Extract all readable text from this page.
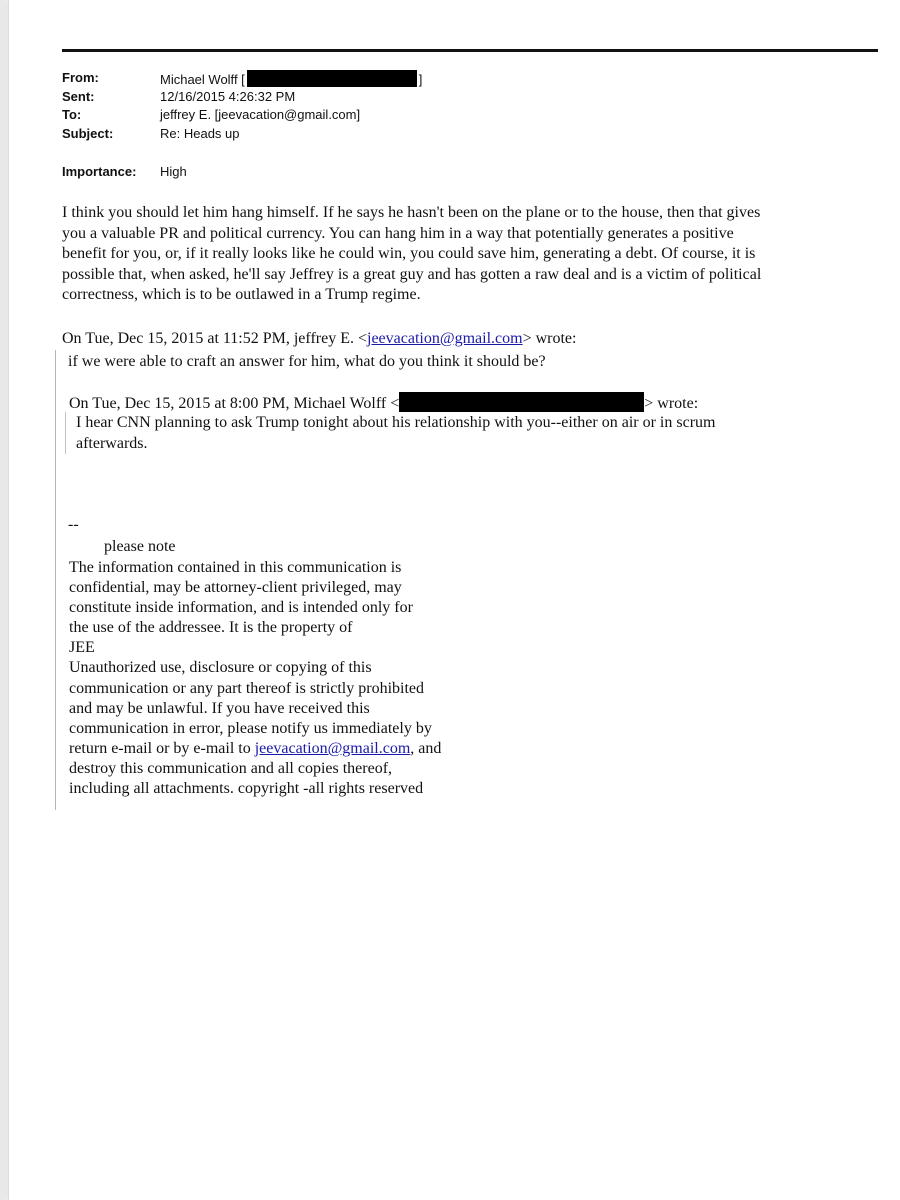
From:	Michael Wolff [	]
Sent:	12/16/2015 4:26:32 PM
To:	jeffrey E. [jeevacation@gmail.com]
Subject:	Re: Heads up
Importance: High
I think you should let him hang himself. If he says he hasn't been on the plane or to the house, then that gives
you a valuable PR and political currency. You can hang him in a way that potentially generates a positive
benefit for you, or, if it really looks like he could win, you could save him, generating a debt. Of course, it is
possible that, when asked, he'll say Jeffrey is a great guy and has gotten a raw deal and is a victim of political
correctness, which is to be outlawed in a Trump regime.
On Tue, Dec 15, 2015 at 11:52 PM, jeffrey E. <jeevacation@gmail.com> wrote:
if we were able to craft an answer for him, what do you think it should be?
On Tue, Dec 15, 2015 at 8:00 PM, Michael Wolff <	> wrote:
I hear CNN planning to ask Trump tonight about his relationship with you--either on air or in scrum
afterwards.
--
please note
The information contained in this communication is
confidential, may be attorney-client privileged, may
constitute inside information, and is intended only for
the use of the addressee. It is the property of
JEE
Unauthorized use, disclosure or copying of this
communication or any part thereof is strictly prohibited
and may be unlawful. If you have received this
communication in error, please notify us immediately by
return e-mail or by e-mail to jeevacation@gmail.com, and
destroy this communication and all copies thereof,
including all attachments. copyright -all rights reserved
